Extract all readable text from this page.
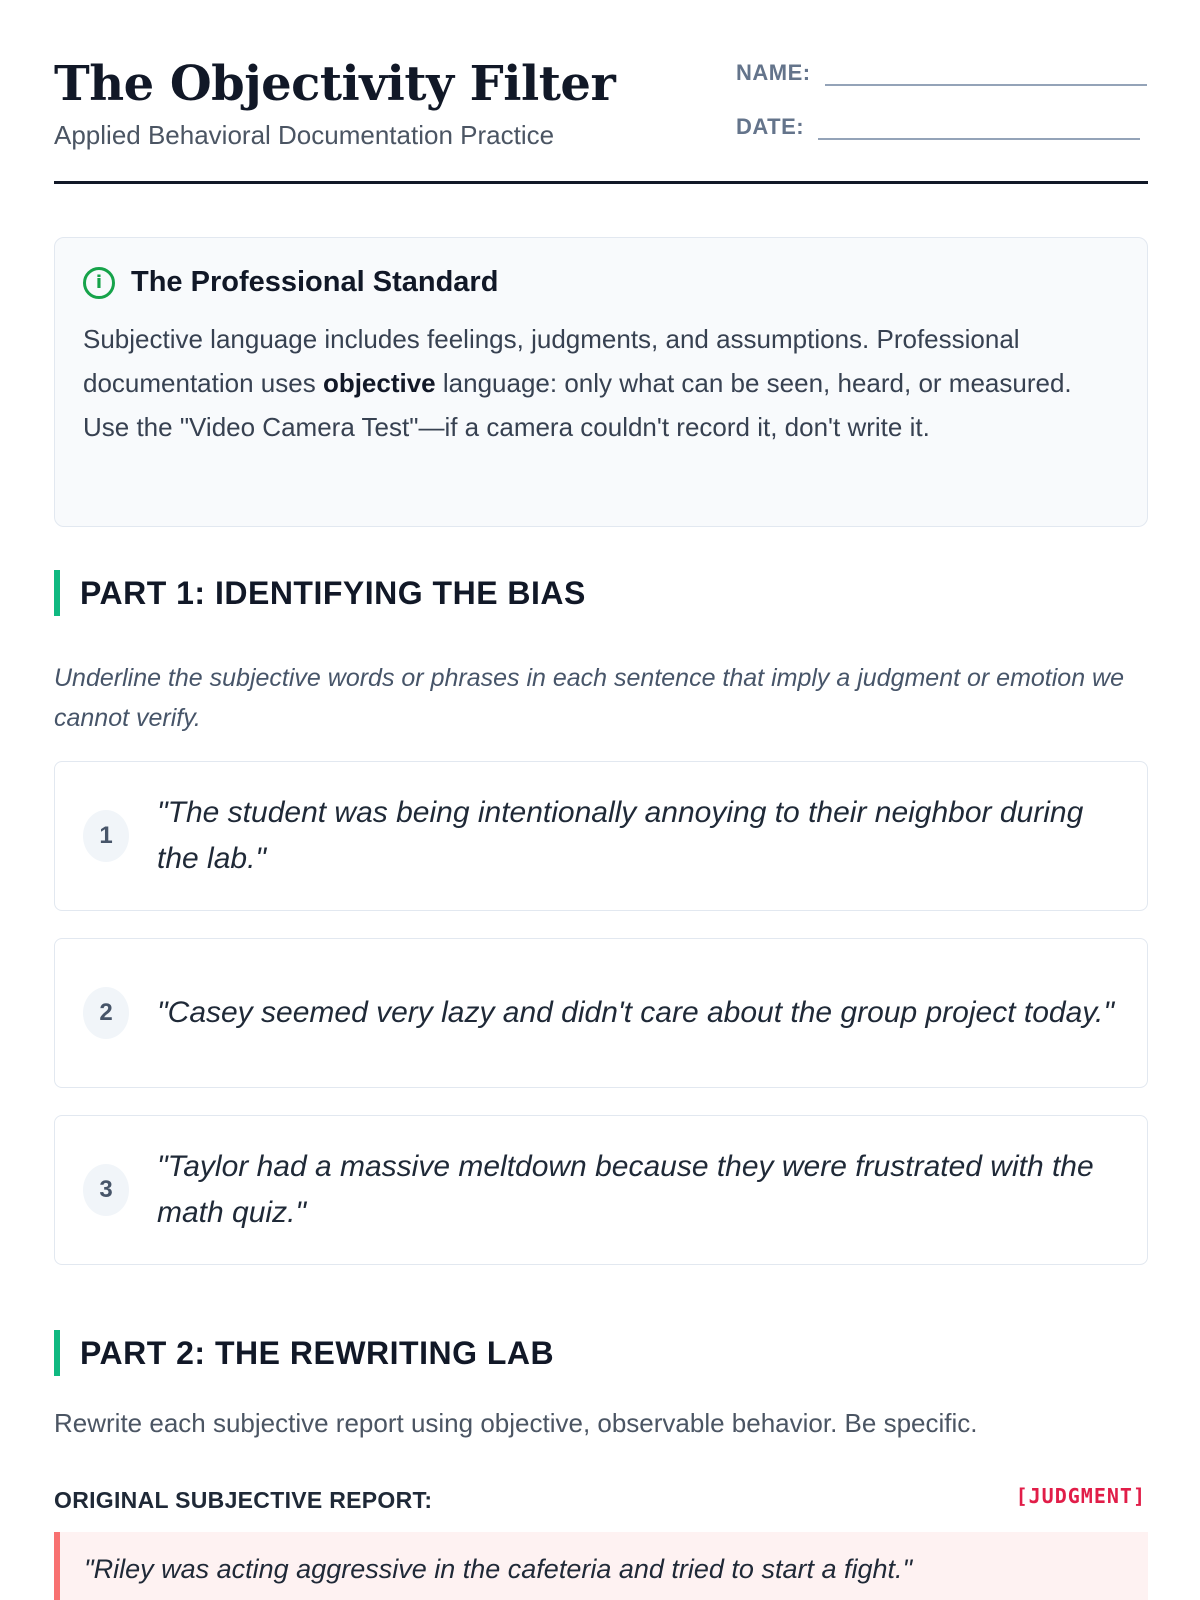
The Objectivity Filter
Applied Behavioral Documentation Practice
NAME:
DATE:
i The Professional Standard

Subjective language includes feelings, judgments, and assumptions. Professional documentation uses objective language: only what can be seen, heard, or measured. Use the "Video Camera Test"—if a camera couldn't record it, don't write it.

PART 1: IDENTIFYING THE BIAS
Underline the subjective words or phrases in each sentence that imply a judgment or emotion we cannot verify.
1
"The student was being intentionally annoying to their neighbor during the lab."
2	"Casey seemed very lazy and didn't care about the group project today."
3
"Taylor had a massive meltdown because they were frustrated with the math quiz."
PART 2: THE REWRITING LAB
Rewrite each subjective report using objective, observable behavior. Be specific.
ORIGINAL SUBJECTIVE REPORT:	[JUDGMENT]
"Riley was acting aggressive in the cafeteria and tried to start a fight."
